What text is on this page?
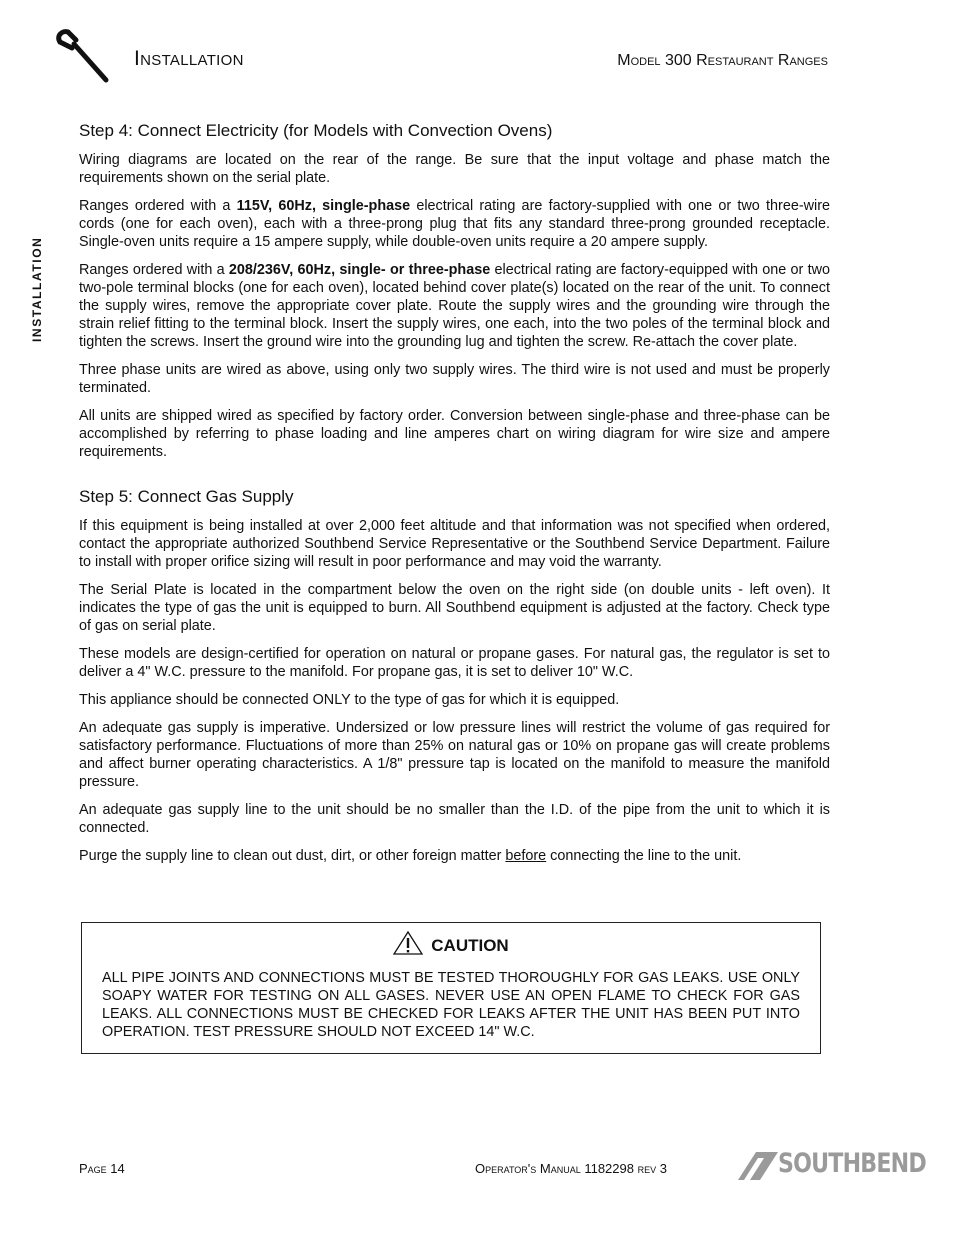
Installation	Model 300 Restaurant Ranges
INSTALLATION
Step 4: Connect Electricity (for Models with Convection Ovens)

Wiring diagrams are located on the rear of the range. Be sure that the input voltage and phase match the requirements shown on the serial plate.

Ranges ordered with a 115V, 60Hz, single-phase electrical rating are factory-supplied with one or two three-wire cords (one for each oven), each with a three-prong plug that fits any standard three-prong grounded receptacle. Single-oven units require a 15 ampere supply, while double-oven units require a 20 ampere supply.

Ranges ordered with a 208/236V, 60Hz, single- or three-phase electrical rating are factory-equipped with one or two two-pole terminal blocks (one for each oven), located behind cover plate(s) located on the rear of the unit. To connect the supply wires, remove the appropriate cover plate. Route the supply wires and the grounding wire through the strain relief fitting to the terminal block. Insert the supply wires, one each, into the two poles of the terminal block and tighten the screws. Insert the ground wire into the grounding lug and tighten the screw. Re-attach the cover plate.

Three phase units are wired as above, using only two supply wires. The third wire is not used and must be properly terminated.

All units are shipped wired as specified by factory order. Conversion between single-phase and three-phase can be accomplished by referring to phase loading and line amperes chart on wiring diagram for wire size and ampere requirements.

Step 5: Connect Gas Supply

If this equipment is being installed at over 2,000 feet altitude and that information was not specified when ordered, contact the appropriate authorized Southbend Service Representative or the Southbend Service Department. Failure to install with proper orifice sizing will result in poor performance and may void the warranty.

The Serial Plate is located in the compartment below the oven on the right side (on double units - left oven). It indicates the type of gas the unit is equipped to burn. All Southbend equipment is adjusted at the factory. Check type of gas on serial plate.

These models are design-certified for operation on natural or propane gases. For natural gas, the regulator is set to deliver a 4" W.C. pressure to the manifold. For propane gas, it is set to deliver 10" W.C.

This appliance should be connected ONLY to the type of gas for which it is equipped.

An adequate gas supply is imperative. Undersized or low pressure lines will restrict the volume of gas required for satisfactory performance. Fluctuations of more than 25% on natural gas or 10% on propane gas will create problems and affect burner operating characteristics. A 1/8" pressure tap is located on the manifold to measure the manifold pressure.

An adequate gas supply line to the unit should be no smaller than the I.D. of the pipe from the unit to which it is connected.

Purge the supply line to clean out dust, dirt, or other foreign matter before connecting the line to the unit.

CAUTION
ALL PIPE JOINTS AND CONNECTIONS MUST BE TESTED THOROUGHLY FOR GAS LEAKS. USE ONLY SOAPY WATER FOR TESTING ON ALL GASES. NEVER USE AN OPEN FLAME TO CHECK FOR GAS LEAKS. ALL CONNECTIONS MUST BE CHECKED FOR LEAKS AFTER THE UNIT HAS BEEN PUT INTO OPERATION. TEST PRESSURE SHOULD NOT EXCEED 14" W.C.
Page 14	Operator's Manual 1182298 rev 3	SOUTHBEND
